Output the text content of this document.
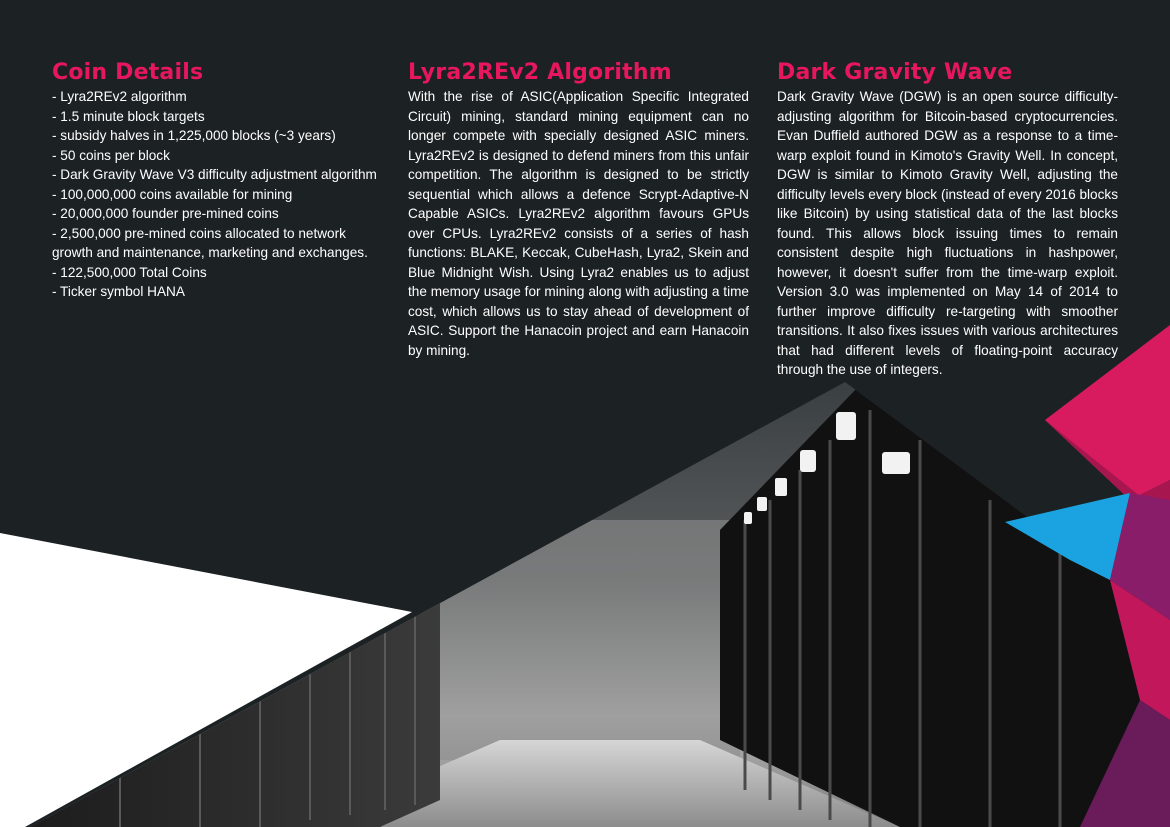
Coin Details
- Lyra2REv2 algorithm
- 1.5 minute block targets
- subsidy halves in 1,225,000 blocks (~3 years)
- 50 coins per block
- Dark Gravity Wave V3 difficulty adjustment algorithm
- 100,000,000 coins available for mining
- 20,000,000 founder pre-mined coins
- 2,500,000 pre-mined coins allocated to network growth and maintenance, marketing and exchanges.
- 122,500,000 Total Coins
- Ticker symbol HANA
Lyra2REv2 Algorithm

With the rise of ASIC(Application Specific Integrated Circuit) mining, standard mining equipment can no longer compete with specially designed ASIC miners. Lyra2REv2 is designed to defend miners from this unfair competition. The algorithm is designed to be strictly sequential which allows a defence Scrypt-Adaptive-N Capable ASICs. Lyra2REv2 algorithm favours GPUs over CPUs. Lyra2REv2 consists of a series of hash functions: BLAKE, Keccak, CubeHash, Lyra2, Skein and Blue Midnight Wish. Using Lyra2 enables us to adjust the memory usage for mining along with adjusting a time cost, which allows us to stay ahead of development of ASIC. Support the Hanacoin project and earn Hanacoin by mining.

Dark Gravity Wave

Dark Gravity Wave (DGW) is an open source difficulty-adjusting algorithm for Bitcoin-based cryptocurrencies. Evan Duffield authored DGW as a response to a time-warp exploit found in Kimoto's Gravity Well. In concept, DGW is similar to Kimoto Gravity Well, adjusting the difficulty levels every block (instead of every 2016 blocks like Bitcoin) by using statistical data of the last blocks found. This allows block issuing times to remain consistent despite high fluctuations in hashpower, however, it doesn't suffer from the time-warp exploit. Version 3.0 was implemented on May 14 of 2014 to further improve difficulty re-targeting with smoother transitions. It also fixes issues with various architectures that had different levels of floating-point accuracy through the use of integers.
